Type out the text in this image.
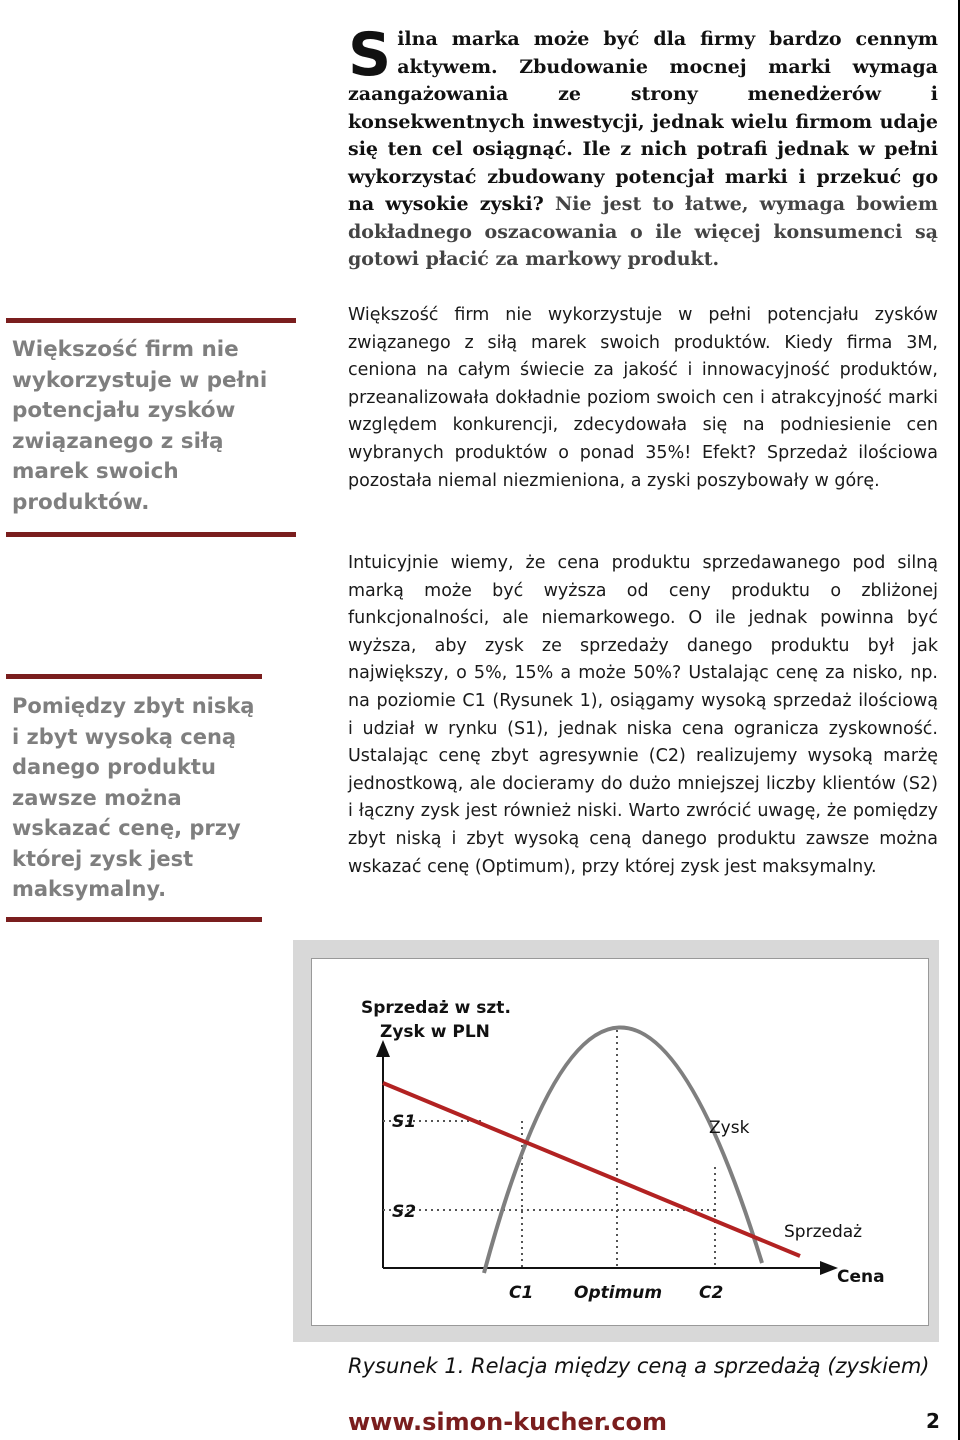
Silna marka może być dla firmy bardzo cennym aktywem. Zbudowanie mocnej marki wymaga zaangażowania ze strony menedżerów i konsekwentnych inwestycji, jednak wielu firmom udaje się ten cel osiągnąć. Ile z nich potrafi jednak w pełni wykorzystać zbudowany potencjał marki i przekuć go na wysokie zyski? Nie jest to łatwe, wymaga bowiem dokładnego oszacowania o ile więcej konsumenci są gotowi płacić za markowy produkt.

Większość firm nie wykorzystuje w pełni potencjału zysków związanego z siłą marek swoich produktów. Kiedy firma 3M, ceniona na całym świecie za jakość i innowacyjność produktów, przeanalizowała dokładnie poziom swoich cen i atrakcyjność marki względem konkurencji, zdecydowała się na podniesienie cen wybranych produktów o ponad 35%! Efekt? Sprzedaż ilościowa pozostała niemal niezmieniona, a zyski poszybowały w górę.

Intuicyjnie wiemy, że cena produktu sprzedawanego pod silną marką może być wyższa od ceny produktu o zbliżonej funkcjonalności, ale niemarkowego. O ile jednak powinna być wyższa, aby zysk ze sprzedaży danego produktu był jak największy, o 5%, 15% a może 50%? Ustalając cenę za nisko, np. na poziomie C1 (Rysunek 1), osiągamy wysoką sprzedaż ilościową i udział w rynku (S1), jednak niska cena ogranicza zyskowność. Ustalając cenę zbyt agresywnie (C2) realizujemy wysoką marżę jednostkową, ale docieramy do dużo mniejszej liczby klientów (S2) i łączny zysk jest również niski. Warto zwrócić uwagę, że pomiędzy zbyt niską i zbyt wysoką ceną danego produktu zawsze można wskazać cenę (Optimum), przy której zysk jest maksymalny.

Większość firm nie wykorzystuje w pełni potencjału zysków związanego z siłą marek swoich produktów.
Pomiędzy zbyt niską i zbyt wysoką ceną danego produktu zawsze można wskazać cenę, przy której zysk jest maksymalny.
Sprzedaż w szt.
Zysk w PLN
S1
S2
C1 Optimum C2
Cena
Zysk
Sprzedaż
Rysunek 1. Relacja między ceną a sprzedażą (zyskiem)
www.simon-kucher.com	2
